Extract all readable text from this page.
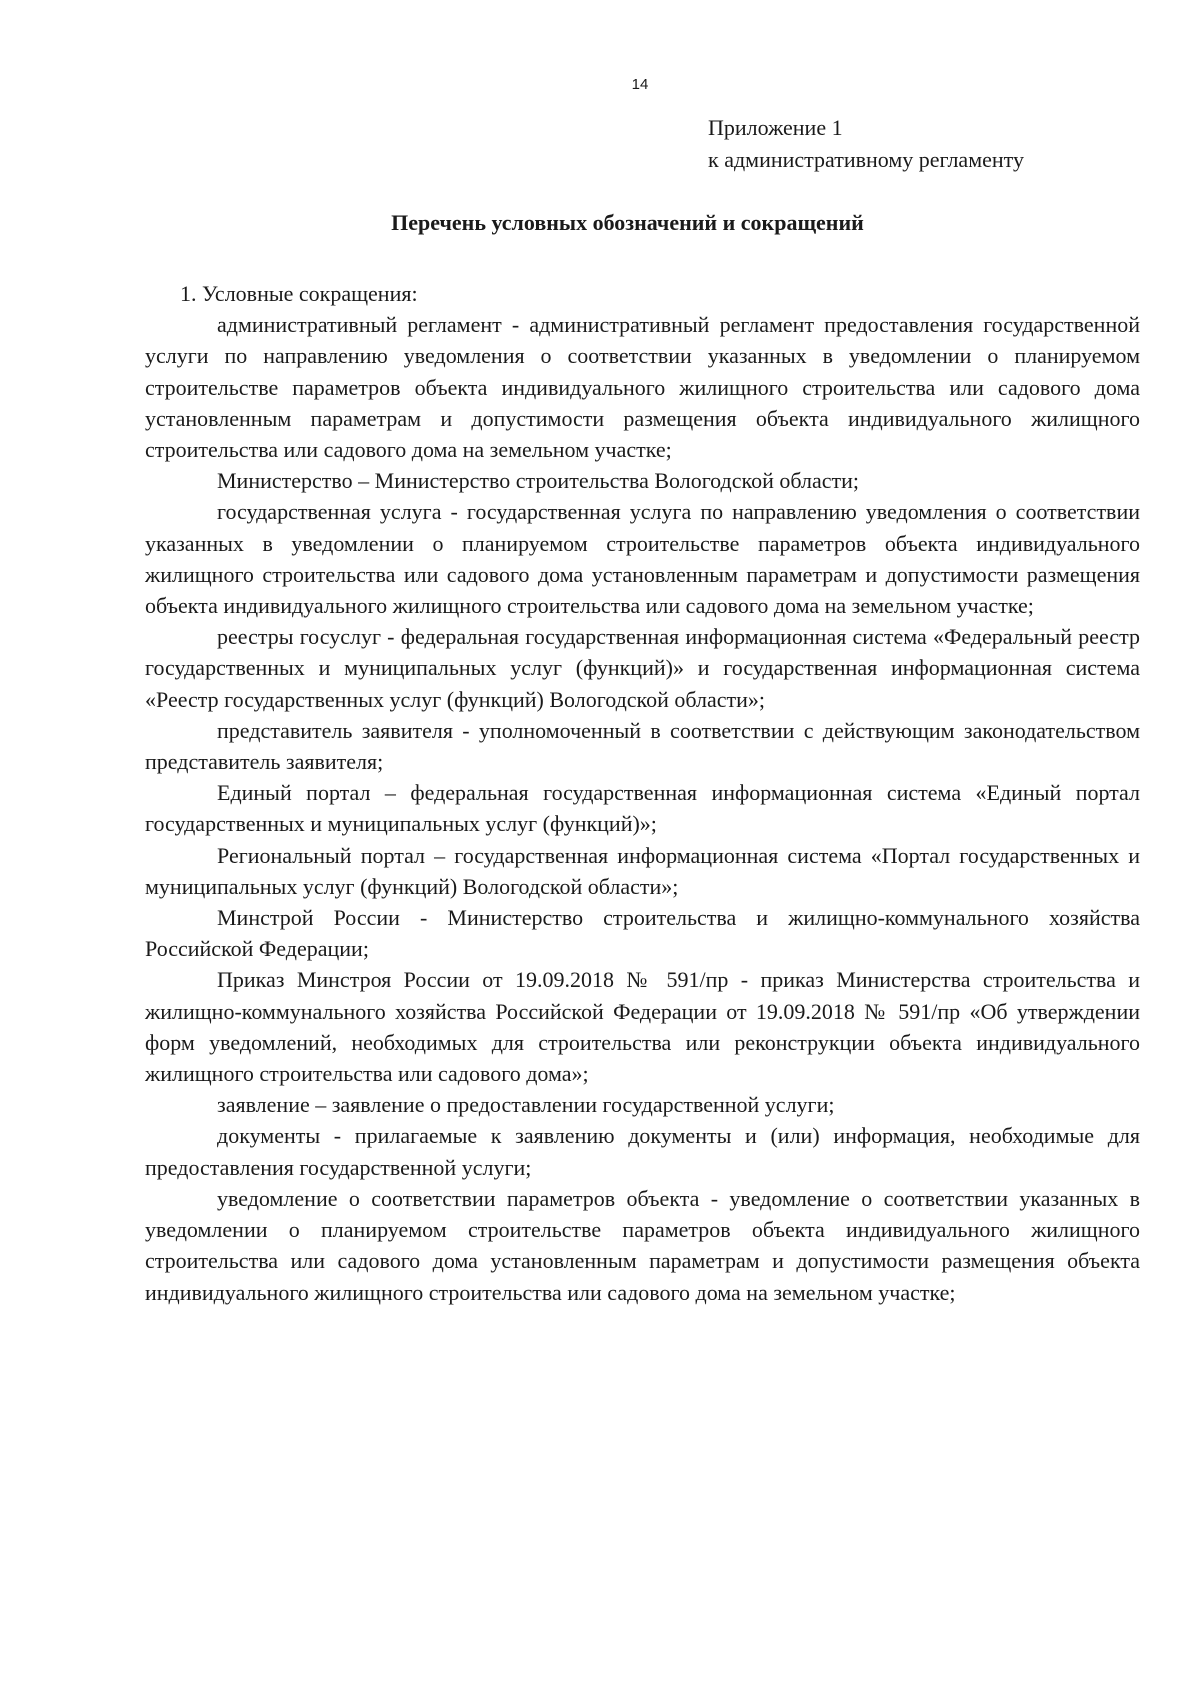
14
Приложение 1
к административному регламенту
Перечень условных обозначений и сокращений
1. Условные сокращения:

административный регламент - административный регламент предоставления государственной услуги по направлению уведомления о соответствии указанных в уведомлении о планируемом строительстве параметров объекта индивидуального жилищного строительства или садового дома установленным параметрам и допустимости размещения объекта индивидуального жилищного строительства или садового дома на земельном участке;

Министерство – Министерство строительства Вологодской области;

государственная услуга - государственная услуга по направлению уведомления о соответствии указанных в уведомлении о планируемом строительстве параметров объекта индивидуального жилищного строительства или садового дома установленным параметрам и допустимости размещения объекта индивидуального жилищного строительства или садового дома на земельном участке;

реестры госуслуг - федеральная государственная информационная система «Федеральный реестр государственных и муниципальных услуг (функций)» и государственная информационная система «Реестр государственных услуг (функций) Вологодской области»;

представитель заявителя - уполномоченный в соответствии с действующим законодательством представитель заявителя;

Единый портал – федеральная государственная информационная система «Единый портал государственных и муниципальных услуг (функций)»;

Региональный портал – государственная информационная система «Портал государственных и муниципальных услуг (функций) Вологодской области»;

Минстрой России - Министерство строительства и жилищно-коммунального хозяйства Российской Федерации;

Приказ Минстроя России от 19.09.2018 № 591/пр - приказ Министерства строительства и жилищно-коммунального хозяйства Российской Федерации от 19.09.2018 № 591/пр «Об утверждении форм уведомлений, необходимых для строительства или реконструкции объекта индивидуального жилищного строительства или садового дома»;

заявление – заявление о предоставлении государственной услуги;

документы - прилагаемые к заявлению документы и (или) информация, необходимые для предоставления государственной услуги;

уведомление о соответствии параметров объекта - уведомление о соответствии указанных в уведомлении о планируемом строительстве параметров объекта индивидуального жилищного строительства или садового дома установленным параметрам и допустимости размещения объекта индивидуального жилищного строительства или садового дома на земельном участке;
